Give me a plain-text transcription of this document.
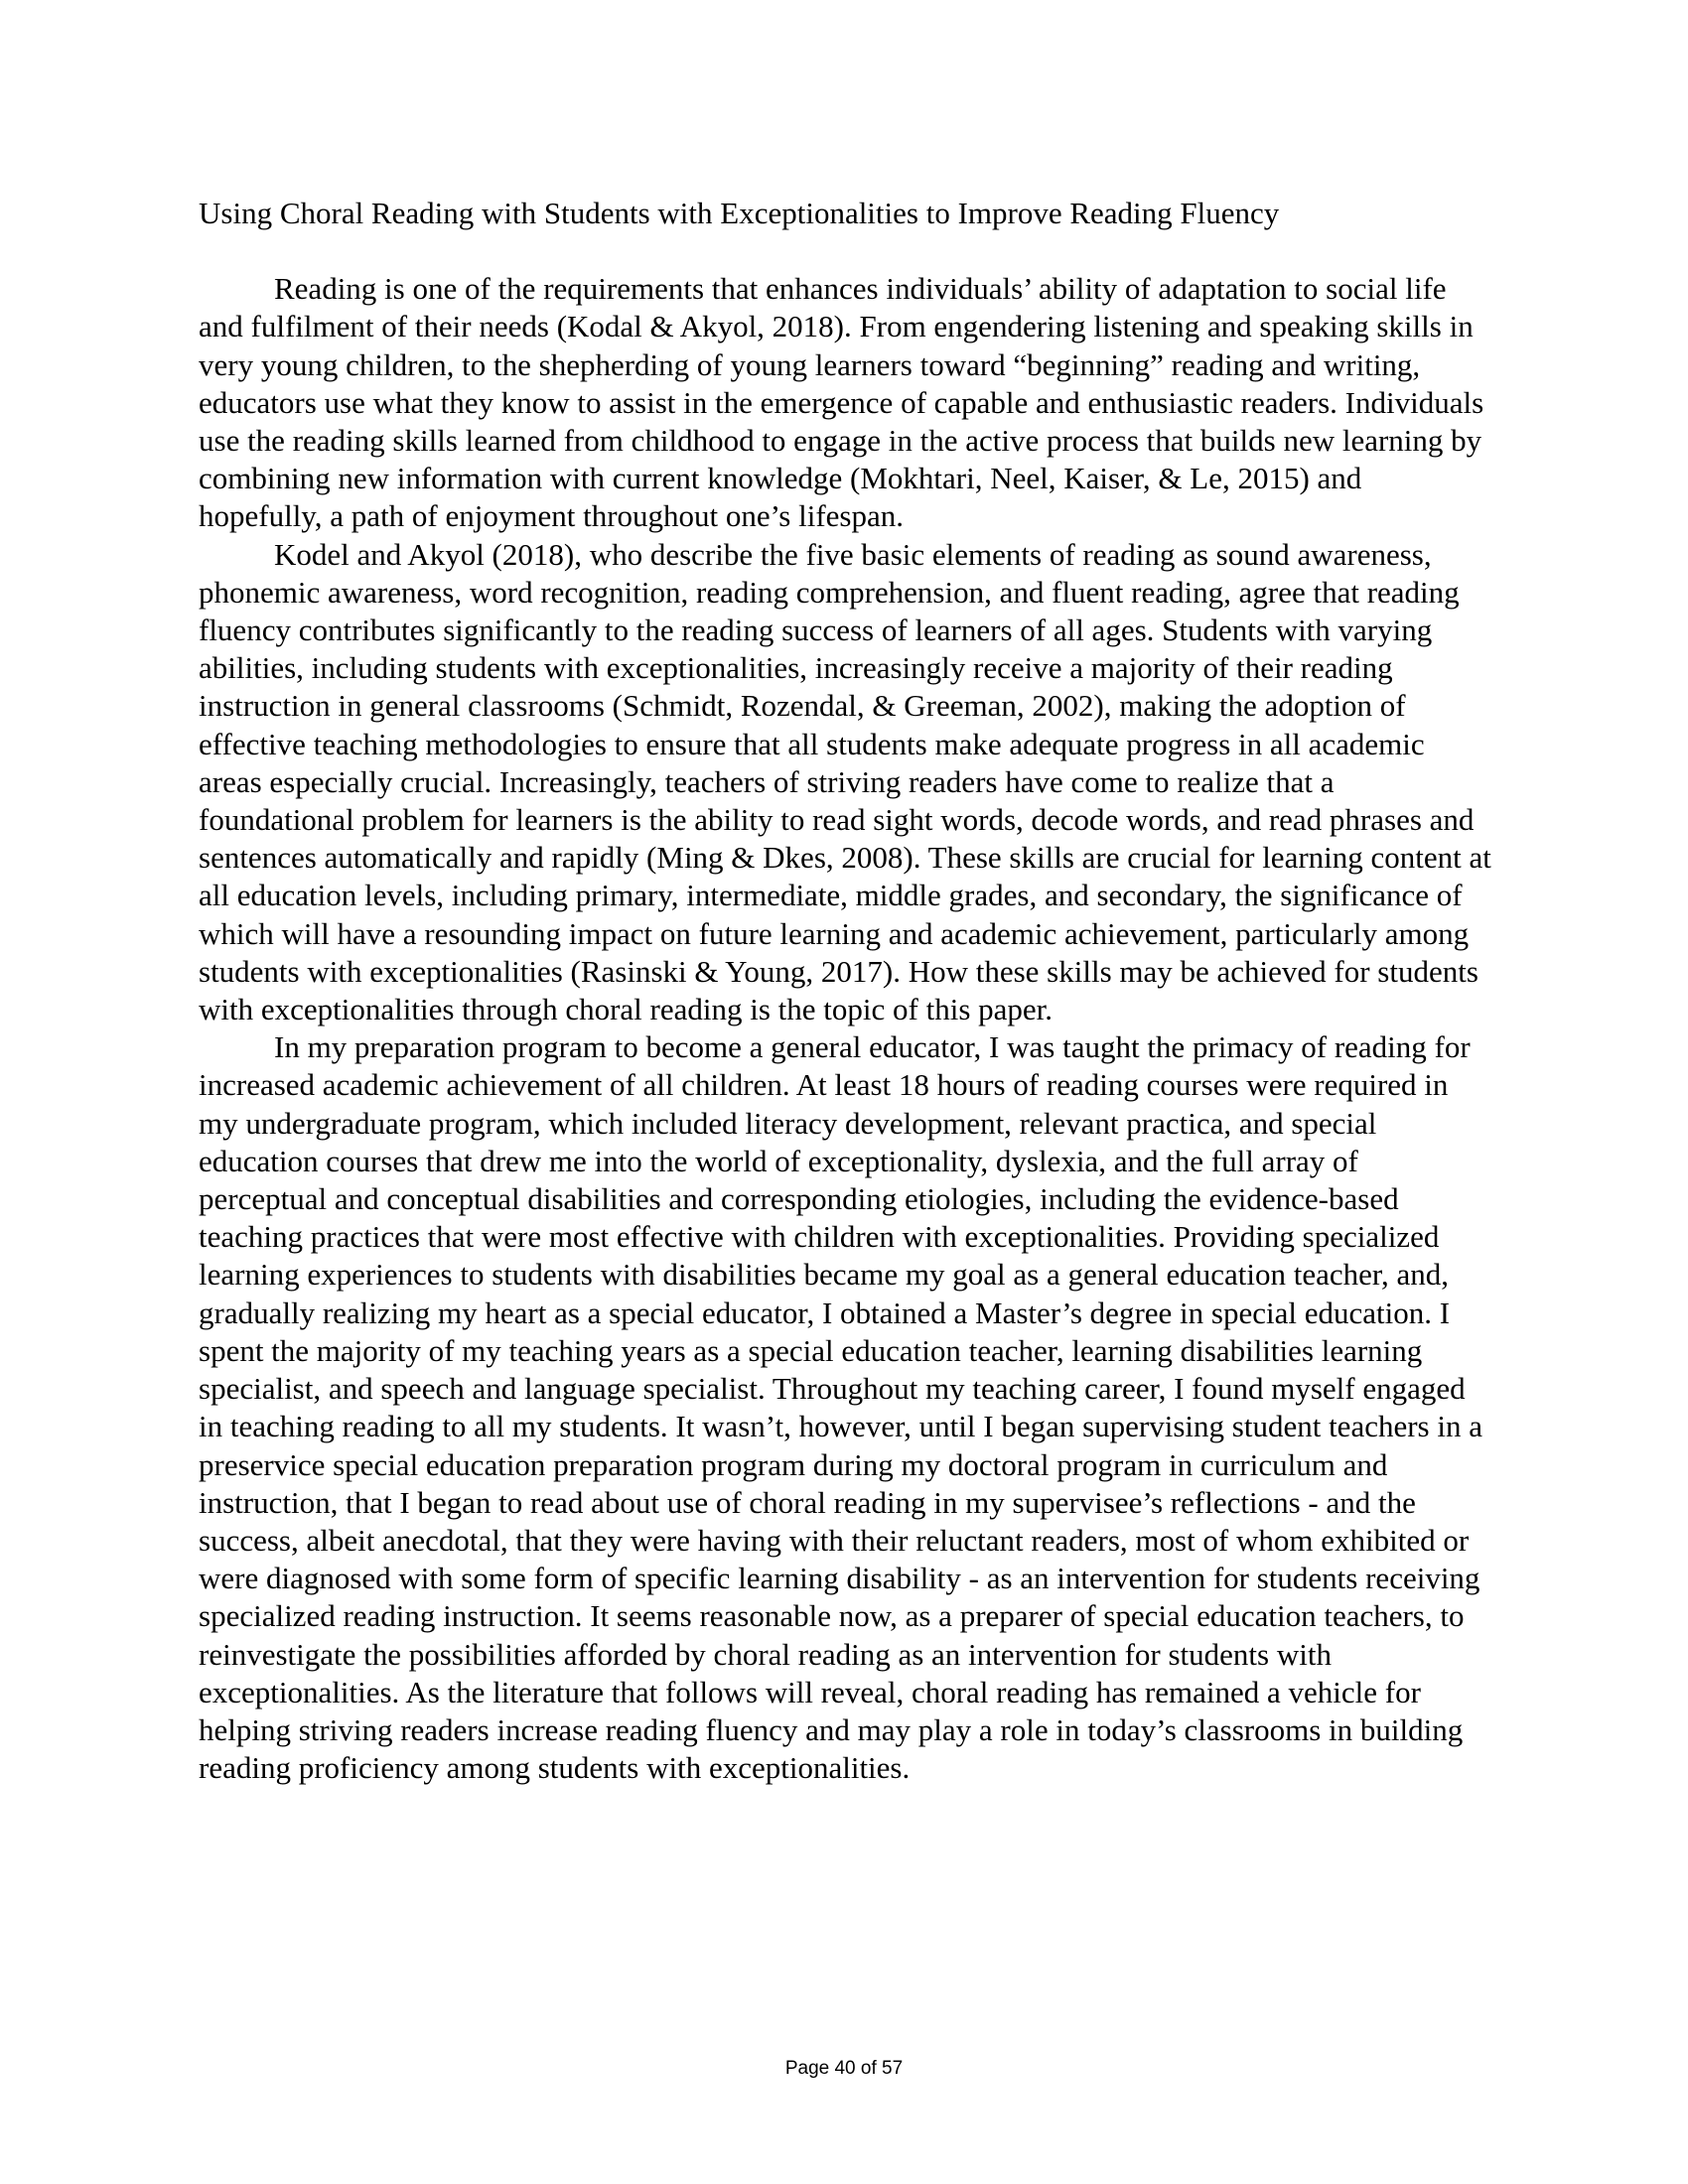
Using Choral Reading with Students with Exceptionalities to Improve Reading Fluency

Reading is one of the requirements that enhances individuals’ ability of adaptation to social life and fulfilment of their needs (Kodal & Akyol, 2018). From engendering listening and speaking skills in very young children, to the shepherding of young learners toward “beginning” reading and writing, educators use what they know to assist in the emergence of capable and enthusiastic readers. Individuals use the reading skills learned from childhood to engage in the active process that builds new learning by combining new information with current knowledge (Mokhtari, Neel, Kaiser, & Le, 2015) and hopefully, a path of enjoyment throughout one’s lifespan.

Kodel and Akyol (2018), who describe the five basic elements of reading as sound awareness, phonemic awareness, word recognition, reading comprehension, and fluent reading, agree that reading fluency contributes significantly to the reading success of learners of all ages. Students with varying abilities, including students with exceptionalities, increasingly receive a majority of their reading instruction in general classrooms (Schmidt, Rozendal, & Greeman, 2002), making the adoption of effective teaching methodologies to ensure that all students make adequate progress in all academic areas especially crucial. Increasingly, teachers of striving readers have come to realize that a foundational problem for learners is the ability to read sight words, decode words, and read phrases and sentences automatically and rapidly (Ming & Dkes, 2008). These skills are crucial for learning content at all education levels, including primary, intermediate, middle grades, and secondary, the significance of which will have a resounding impact on future learning and academic achievement, particularly among students with exceptionalities (Rasinski & Young, 2017). How these skills may be achieved for students with exceptionalities through choral reading is the topic of this paper.

In my preparation program to become a general educator, I was taught the primacy of reading for increased academic achievement of all children. At least 18 hours of reading courses were required in my undergraduate program, which included literacy development, relevant practica, and special education courses that drew me into the world of exceptionality, dyslexia, and the full array of perceptual and conceptual disabilities and corresponding etiologies, including the evidence-based teaching practices that were most effective with children with exceptionalities. Providing specialized learning experiences to students with disabilities became my goal as a general education teacher, and, gradually realizing my heart as a special educator, I obtained a Master’s degree in special education. I spent the majority of my teaching years as a special education teacher, learning disabilities learning specialist, and speech and language specialist. Throughout my teaching career, I found myself engaged in teaching reading to all my students. It wasn’t, however, until I began supervising student teachers in a preservice special education preparation program during my doctoral program in curriculum and instruction, that I began to read about use of choral reading in my supervisee’s reflections - and the success, albeit anecdotal, that they were having with their reluctant readers, most of whom exhibited or were diagnosed with some form of specific learning disability - as an intervention for students receiving specialized reading instruction. It seems reasonable now, as a preparer of special education teachers, to reinvestigate the possibilities afforded by choral reading as an intervention for students with exceptionalities. As the literature that follows will reveal, choral reading has remained a vehicle for helping striving readers increase reading fluency and may play a role in today’s classrooms in building reading proficiency among students with exceptionalities.

Page 40 of 57
